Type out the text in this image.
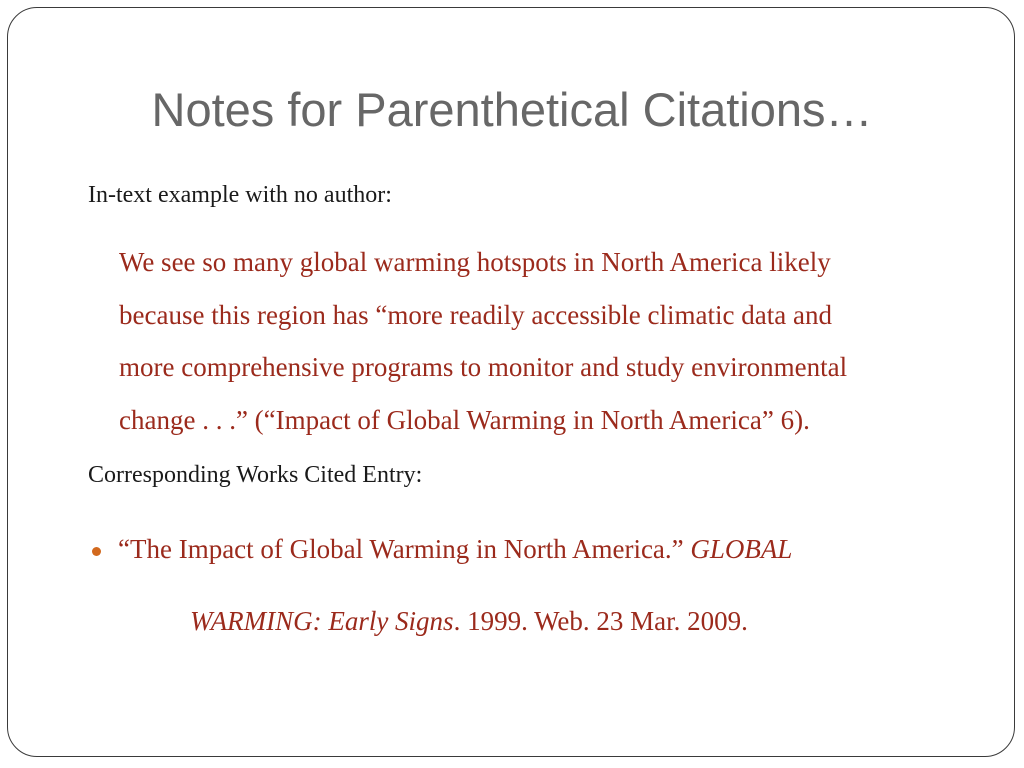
Notes for Parenthetical Citations…
In-text example with no author:
We see so many global warming hotspots in North America likely
because this region has “more readily accessible climatic data and
more comprehensive programs to monitor and study environmental
change . . .” (“Impact of Global Warming in North America” 6).
Corresponding Works Cited Entry:
“The Impact of Global Warming in North America.” GLOBAL
WARMING: Early Signs. 1999. Web. 23 Mar. 2009.
